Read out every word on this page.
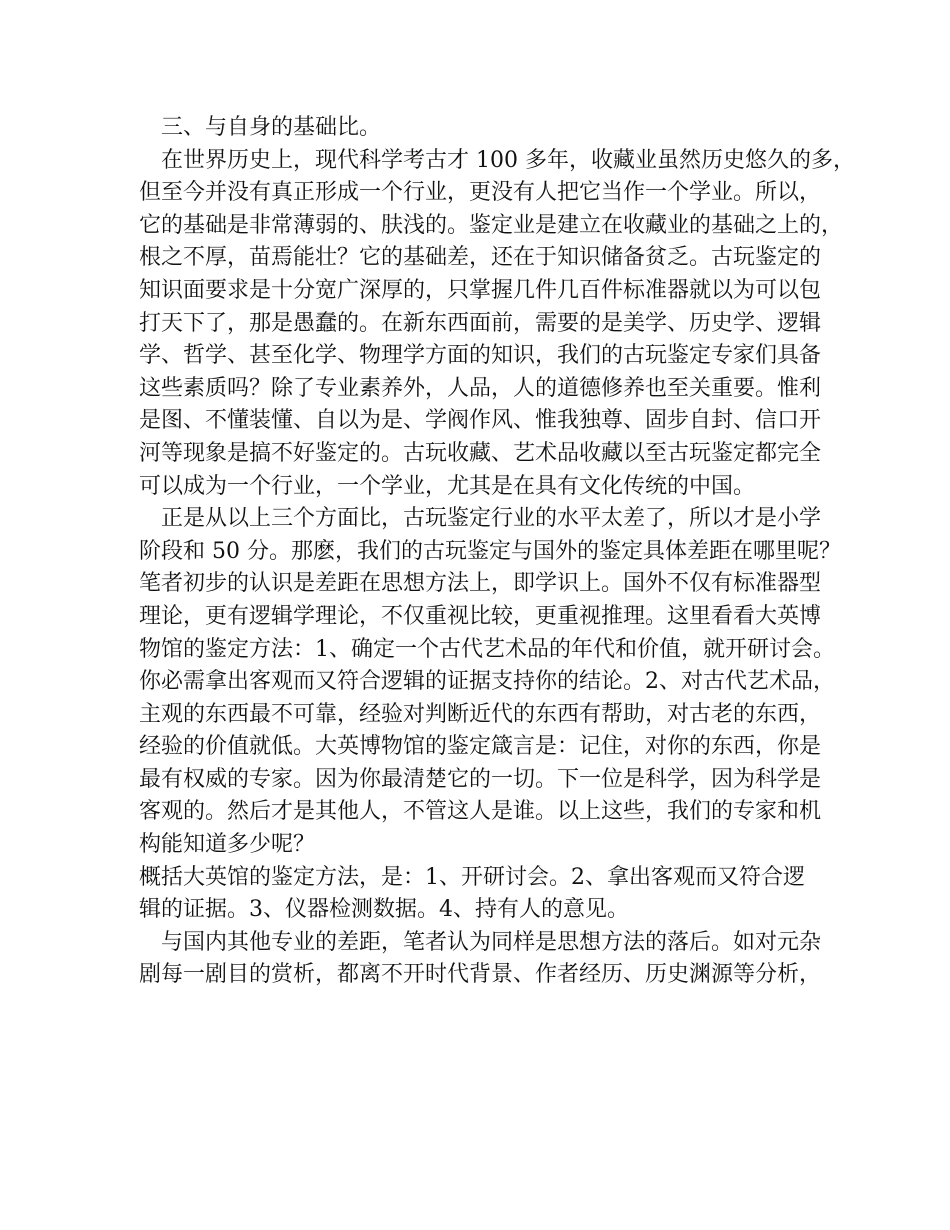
　三、与自身的基础比。
　在世界历史上，现代科学考古才 100 多年，收藏业虽然历史悠久的多，
但至今并没有真正形成一个行业，更没有人把它当作一个学业。所以，
它的基础是非常薄弱的、肤浅的。鉴定业是建立在收藏业的基础之上的，
根之不厚，苗焉能壮？它的基础差，还在于知识储备贫乏。古玩鉴定的
知识面要求是十分宽广深厚的，只掌握几件几百件标准器就以为可以包
打天下了，那是愚蠢的。在新东西面前，需要的是美学、历史学、逻辑
学、哲学、甚至化学、物理学方面的知识，我们的古玩鉴定专家们具备
这些素质吗？除了专业素养外，人品，人的道德修养也至关重要。惟利
是图、不懂装懂、自以为是、学阀作风、惟我独尊、固步自封、信口开
河等现象是搞不好鉴定的。古玩收藏、艺术品收藏以至古玩鉴定都完全
可以成为一个行业，一个学业，尤其是在具有文化传统的中国。
　正是从以上三个方面比，古玩鉴定行业的水平太差了，所以才是小学
阶段和 50 分。那麽，我们的古玩鉴定与国外的鉴定具体差距在哪里呢？
笔者初步的认识是差距在思想方法上，即学识上。国外不仅有标准器型
理论，更有逻辑学理论，不仅重视比较，更重视推理。这里看看大英博
物馆的鉴定方法：1、确定一个古代艺术品的年代和价值，就开研讨会。
你必需拿出客观而又符合逻辑的证据支持你的结论。2、对古代艺术品，
主观的东西最不可靠，经验对判断近代的东西有帮助，对古老的东西，
经验的价值就低。大英博物馆的鉴定箴言是：记住，对你的东西，你是
最有权威的专家。因为你最清楚它的一切。下一位是科学，因为科学是
客观的。然后才是其他人，不管这人是谁。以上这些，我们的专家和机
构能知道多少呢？
概括大英馆的鉴定方法，是：1、开研讨会。2、拿出客观而又符合逻
辑的证据。3、仪器检测数据。4、持有人的意见。
　与国内其他专业的差距，笔者认为同样是思想方法的落后。如对元杂
剧每一剧目的赏析，都离不开时代背景、作者经历、历史渊源等分析，
